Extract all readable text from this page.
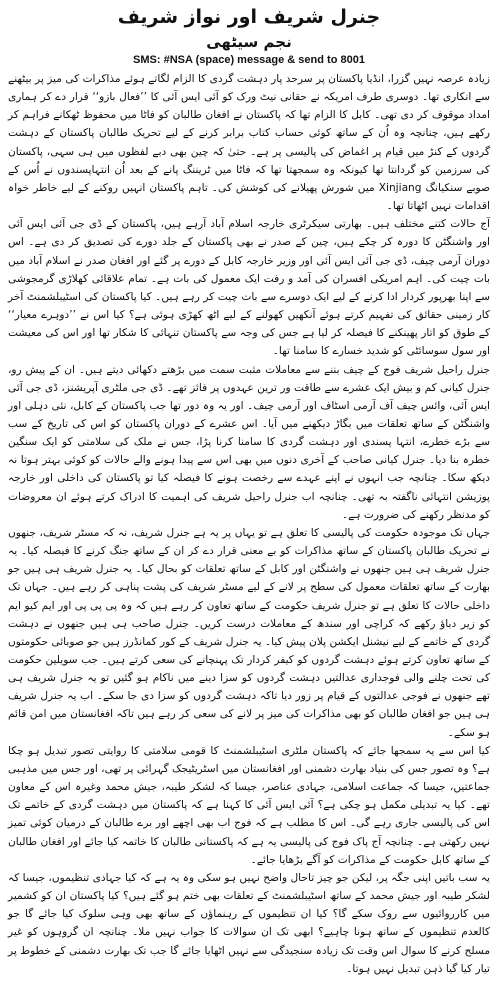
جنرل شریف اور نواز شریف
نجم سیٹھی
SMS: #NSA (space) message & send to 8001

زیادہ عرصہ نہیں گزرا، انڈیا پاکستان پر سرحد پار دہشت گردی کا الزام لگاتے ہوئے مذاکرات کی میز پر بیٹھنے سے انکاری تھا۔ دوسری طرف امریکہ نے حقانی نیٹ ورک کو آئی ایس آئی کا ’’فعال بازو‘‘ قرار دے کر ہماری امداد موقوف کر دی تھی۔ کابل کا الزام تھا کہ پاکستان نے افغان طالبان کو فاٹا میں محفوظ ٹھکانے فراہم کر رکھے ہیں، چنانچہ وہ اُن کے ساتھ کوئی حساب کتاب برابر کرنے کے لیے تحریک طالبان پاکستان کے دہشت گردوں کے کنڑ میں قیام پر اغماض کی پالیسی پر ہے۔ حتیٰ کہ چین بھی دبے لفظوں میں ہی سہی، پاکستان کی سرزمین کو گردانتا تھا کیونکہ وہ سمجھتا تھا کہ فاٹا میں ٹریننگ پانے کے بعد اُن انتہاپسندوں نے اُس کے صوبے سنکیانگ Xinjiang میں شورش پھیلانے کی کوشش کی۔ تاہم پاکستان انہیں روکنے کے لیے خاطر خواہ اقدامات نہیں اٹھاتا تھا۔

آج حالات کتنے مختلف ہیں۔ بھارتی سیکرٹری خارجہ اسلام آباد آرہے ہیں، پاکستان کے ڈی جی آئی ایس آئی اور واشنگٹن کا دورہ کر چکے ہیں، چین کے صدر نے بھی پاکستان کے جلد دورے کی تصدیق کر دی ہے۔ اس دوران آرمی چیف، ڈی جی آئی ایس آئی اور وزیر خارجہ کابل کے دورے پر گئے اور افغان صدر نے اسلام آباد میں بات چیت کی۔ اہم امریکی افسران کی آمد و رفت ایک معمول کی بات ہے۔ تمام علاقائی کھلاڑی گرمجوشی سے اپنا بھرپور کردار ادا کرنے کے لیے ایک دوسرے سے بات چیت کر رہے ہیں۔ کیا پاکستان کی اسٹیبلشمنٹ آخر کار زمینی حقائق کی تفہیم کرتے ہوئے آنکھیں کھولنے کے لیے اٹھ کھڑی ہوئی ہے؟ کیا اس نے ’’دوہرے معیار‘‘ کے طوق کو اتار پھینکنے کا فیصلہ کر لیا ہے جس کی وجہ سے پاکستان تنہائی کا شکار تھا اور اس کی معیشت اور سول سوسائٹی کو شدید خسارے کا سامنا تھا۔

جنرل راحیل شریف فوج کے چیف بننے سے معاملات مثبت سمت میں بڑھتے دکھائی دیتے ہیں۔ ان کے پیش رو، جنرل کیانی کم و بیش ایک عشرے سے طاقت ور ترین عہدوں پر فائز تھے۔ ڈی جی ملٹری آپریشنز، ڈی جی آئی ایس آئی، وائس چیف آف آرمی اسٹاف اور آرمی چیف۔ اور یہ وہ دور تھا جب پاکستان کے کابل، نئی دہلی اور واشنگٹن کے ساتھ تعلقات میں بگاڑ دیکھنے میں آیا۔ اس عشرے کے دوران پاکستان کو اس کی تاریخ کے سب سے بڑے خطرے، انتہا پسندی اور دہشت گردی کا سامنا کرنا پڑا، جس نے ملک کی سلامتی کو ایک سنگین خطرہ بنا دیا۔ جنرل کیانی صاحب کے آخری دنوں میں بھی اس سے پیدا ہونے والے حالات کو کوئی بہتر ہوتا نہ دیکھ سکا۔ چنانچہ جب انہوں نے اپنے عہدے سے رخصت ہونے کا فیصلہ کیا تو پاکستان کی داخلی اور خارجہ پوزیشن انتہائی ناگفتہ بہ تھی۔ چنانچہ اب جنرل راحیل شریف کی اہمیت کا ادراک کرتے ہوئے ان معروضات کو مدنظر رکھنے کی ضرورت ہے۔

جہاں تک موجودہ حکومت کی پالیسی کا تعلق ہے تو یہاں پر یہ ہے جنرل شریف، نہ کہ مسٹر شریف، جنھوں نے تحریک طالبان پاکستان کے ساتھ مذاکرات کو بے معنی قرار دے کر ان کے ساتھ جنگ کرنے کا فیصلہ کیا۔ یہ جنرل شریف ہی ہیں جنھوں نے واشنگٹن اور کابل کے ساتھ تعلقات کو بحال کیا۔ یہ جنرل شریف ہی ہیں جو بھارت کے ساتھ تعلقات معمول کی سطح پر لانے کے لیے مسٹر شریف کی پشت پناہی کر رہے ہیں۔ جہاں تک داخلی حالات کا تعلق ہے تو جنرل شریف حکومت کے ساتھ تعاون کر رہے ہیں کہ وہ پی پی پی اور ایم کیو ایم کو زیر دباؤ رکھے کہ کراچی اور سندھ کے معاملات درست کریں۔ جنرل صاحب ہی ہیں جنھوں نے دہشت گردی کے خاتمے کے لیے نیشنل ایکشن پلان پیش کیا۔ یہ جنرل شریف کے کور کمانڈرز ہیں جو صوبائی حکومتوں کے ساتھ تعاون کرتے ہوئے دہشت گردوں کو کیفر کردار تک پہنچانے کی سعی کرتے ہیں۔ جب سویلین حکومت کی تحت چلنے والی فوجداری عدالتیں دہشت گردوں کو سزا دینے میں ناکام ہو گئیں تو یہ جنرل شریف ہی تھے جنھوں نے فوجی عدالتوں کے قیام پر زور دیا تاکہ دہشت گردوں کو سزا دی جا سکے۔ اب یہ جنرل شریف ہی ہیں جو افغان طالبان کو بھی مذاکرات کی میز پر لانے کی سعی کر رہے ہیں تاکہ افغانستان میں امن قائم ہو سکے۔

کیا اس سے یہ سمجھا جائے کہ پاکستان ملٹری اسٹیبلشمنٹ کا قومی سلامتی کا روایتی تصور تبدیل ہو چکا ہے؟ وہ تصور جس کی بنیاد بھارت دشمنی اور افغانستان میں اسٹریٹیجک گہرائی پر تھی، اور جس میں مذہبی جماعتیں، جیسا کہ جماعت اسلامی، جہادی عناصر، جیسا کہ لشکر طیبہ، جیش محمد وغیرہ اس کے معاون تھے۔ کیا یہ تبدیلی مکمل ہو چکی ہے؟ آئی ایس آئی کا کہنا ہے کہ پاکستان میں دہشت گردی کے خاتمے تک اس کی پالیسی جاری رہے گی۔ اس کا مطلب ہے کہ فوج اب بھی اچھے اور برے طالبان کے درمیان کوئی تمیز نہیں رکھتی ہے۔ چنانچہ آج پاک فوج کی پالیسی یہ ہے کہ پاکستانی طالبان کا خاتمہ کیا جائے اور افغان طالبان کے ساتھ کابل حکومت کے مذاکرات کو آگے بڑھایا جائے۔

یہ سب باتیں اپنی جگہ پر، لیکن جو چیز تاحال واضح نہیں ہو سکی وہ یہ ہے کہ کیا جہادی تنظیموں، جیسا کہ لشکر طیبہ اور جیش محمد کے ساتھ اسٹیبلشمنٹ کے تعلقات بھی ختم ہو گئے ہیں؟ کیا پاکستان ان کو کشمیر میں کارروائیوں سے روک سکے گا؟ کیا ان تنظیموں کے رہنماؤں کے ساتھ بھی وہی سلوک کیا جائے گا جو کالعدم تنظیموں کے ساتھ ہونا چاہیے؟ ابھی تک ان سوالات کا جواب نہیں ملا۔ چنانچہ ان گروہوں کو غیر مسلح کرنے کا سوال اس وقت تک زیادہ سنجیدگی سے نہیں اٹھایا جائے گا جب تک بھارت دشمنی کے خطوط پر تیار کیا گیا ذہن تبدیل نہیں ہوتا۔
